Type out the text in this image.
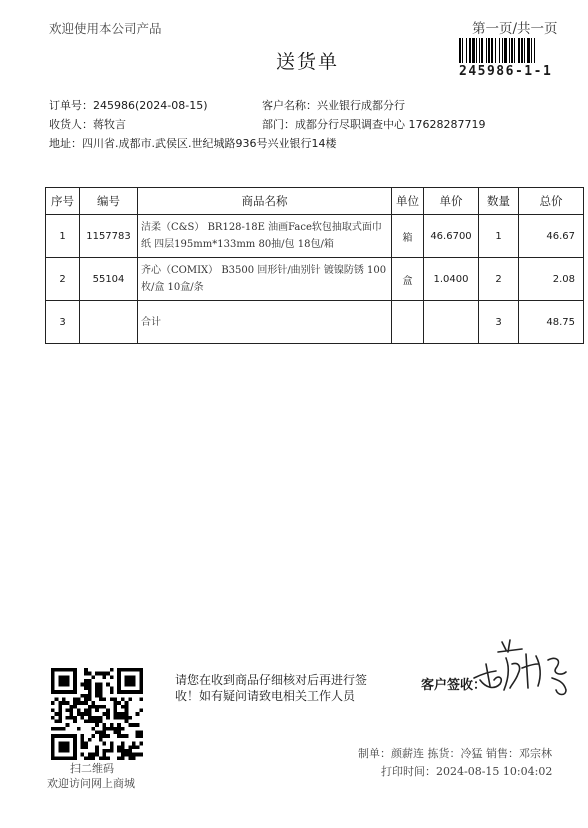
欢迎使用本公司产品	第一页/共一页
送货单	245986-1-1
订单号：245986(2024-08-15)	客户名称：兴业银行成都分行
收货人：蒋牧言	部门：成都分行尽职调查中心 17628287719
地址：四川省.成都市.武侯区.世纪城路936号兴业银行14楼
序号	编号	商品名称	单位	单价	数量	总价
1	1157783	洁柔（C&S） BR128-18E 油画Face软包抽取式面巾纸 四层195mm*133mm 80抽/包 18包/箱	箱	46.6700	1	46.67
2	55104	齐心（COMIX） B3500 回形针/曲别针 镀镍防锈 100枚/盒 10盒/条	盒	1.0400	2	2.08
3		合计			3	48.75
扫二维码
欢迎访问网上商城
请您在收到商品仔细核对后再进行签
收！如有疑问请致电相关工作人员
客户签收：
制单：颜薪连 拣货：冷猛 销售：邓宗林
打印时间：2024-08-15 10:04:02
